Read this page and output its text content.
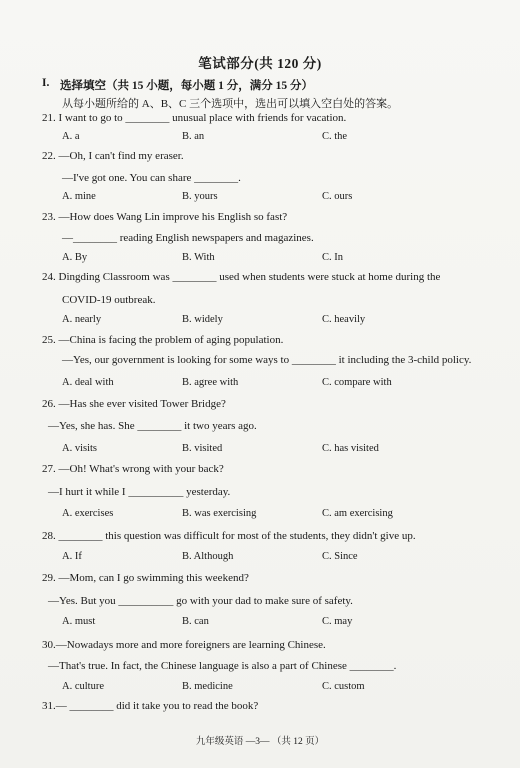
笔试部分(共 120 分)
I. 选择填空（共 15 小题，每小题 1 分，满分 15 分）
从每小题所给的 A、B、C 三个选项中，选出可以填入空白处的答案。
21. I want to go to ________ unusual place with friends for vacation.
A. a	B. an	C. the
22. —Oh, I can't find my eraser.
—I've got one. You can share ________.
A. mine	B. yours	C. ours
23. —How does Wang Lin improve his English so fast?
—________ reading English newspapers and magazines.
A. By	B. With	C. In
24. Dingding Classroom was ________ used when students were stuck at home during the
COVID-19 outbreak.
A. nearly	B. widely	C. heavily
25. —China is facing the problem of aging population.
—Yes, our government is looking for some ways to ________ it including the 3-child policy.
A. deal with	B. agree with	C. compare with
26. —Has she ever visited Tower Bridge?
—Yes, she has. She ________ it two years ago.
A. visits	B. visited	C. has visited
27. —Oh! What's wrong with your back?
—I hurt it while I __________ yesterday.
A. exercises	B. was exercising	C. am exercising
28. ________ this question was difficult for most of the students, they didn't give up.
A. If	B. Although	C. Since
29. —Mom, can I go swimming this weekend?
—Yes. But you __________ go with your dad to make sure of safety.
A. must	B. can	C. may
30.—Nowadays more and more foreigners are learning Chinese.
—That's true. In fact, the Chinese language is also a part of Chinese ________.
A. culture	B. medicine	C. custom
31.— ________ did it take you to read the book?
九年级英语 —3— （共 12 页）
